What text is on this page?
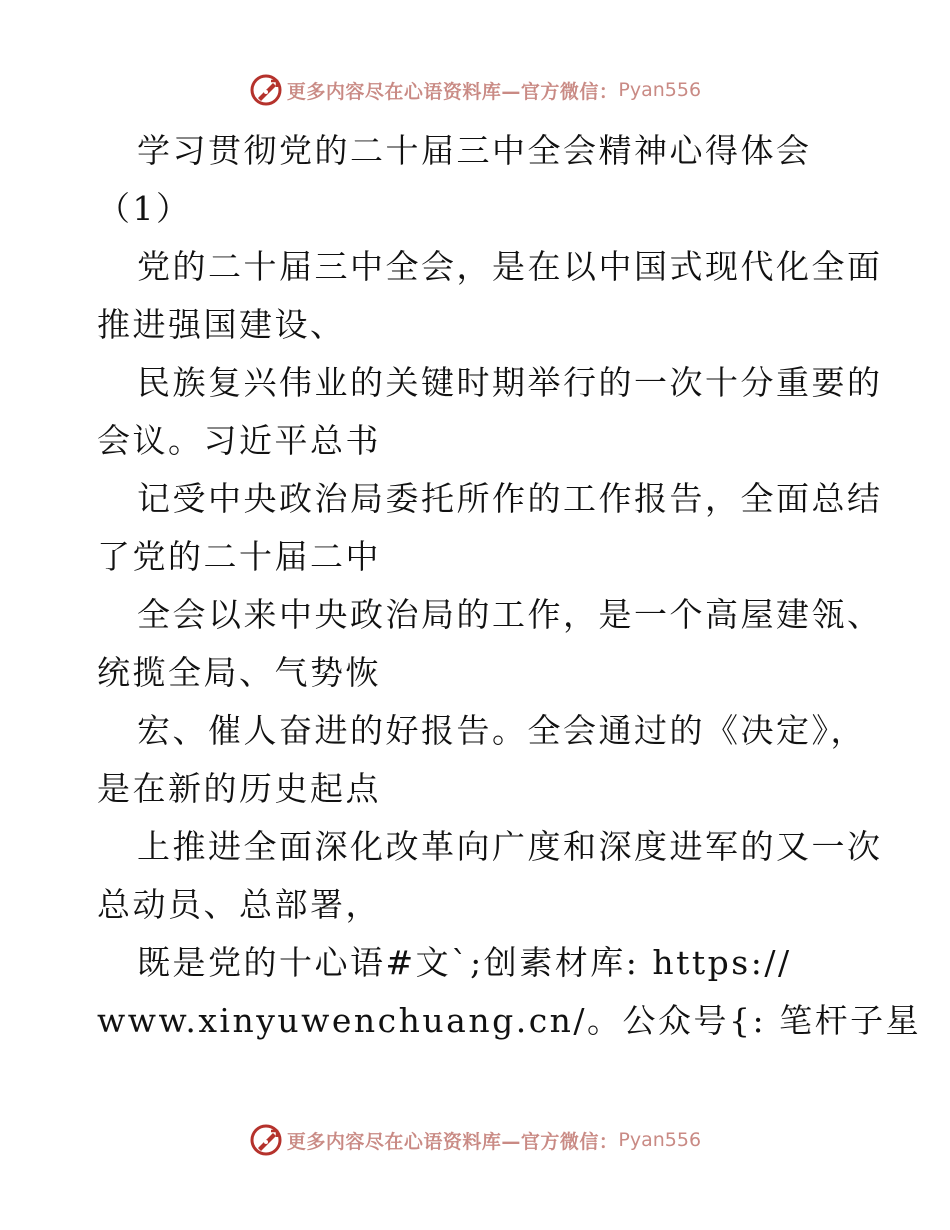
更多内容尽在心语资料库—官方微信： Pyan556

学习贯彻党的二十届三中全会精神心得体会

（1）

党的二十届三中全会，是在以中国式现代化全面
推进强国建设、

民族复兴伟业的关键时期举行的一次十分重要的
会议。习近平总书

记受中央政治局委托所作的工作报告，全面总结
了党的二十届二中

全会以来中央政治局的工作，是一个高屋建瓴、
统揽全局、气势恢

宏、催人奋进的好报告。全会通过的《决定》，
是在新的历史起点

上推进全面深化改革向广度和深度进军的又一次
总动员、总部署，

既是党的十心语#文`;创素材库: https://
www.xinyuwenchuang.cn/。公众号{: 笔杆子星

更多内容尽在心语资料库—官方微信： Pyan556
